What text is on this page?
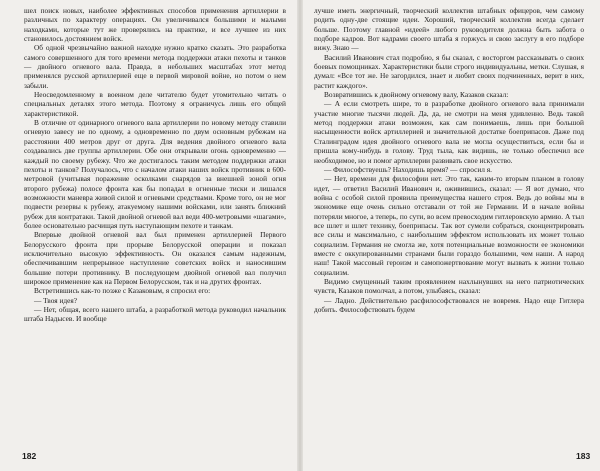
шел поиск новых, наиболее эффективных способов применения артиллерии в различных по характеру операциях. Он увеличивался большими и малыми находками, которые тут же проверялись на практике, и все лучшее из них становилось достоянием войск.

Об одной чрезвычайно важной находке нужно кратко сказать. Это разработка самого совершенного для того времени метода поддержки атаки пехоты и танков — двойного огневого вала. Правда, в небольших масштабах этот метод применялся русской артиллерией еще в первой мировой войне, но потом о нем забыли.

Неосведомленному в военном деле читателю будет утомительно читать о специальных деталях этого метода. Поэтому я ограничусь лишь его общей характеристикой.

В отличие от одинарного огневого вала артиллерии по новому методу ставили огневую завесу не по одному, а одновременно по двум основным рубежам на расстоянии 400 метров друг от друга. Для ведения двойного огневого вала создавались две группы артиллерии. Обе они открывали огонь одновременно — каждый по своему рубежу. Что же достигалось таким методом поддержки атаки пехоты и танков? Получалось, что с началом атаки наших войск противник в 600-метровой (учитывая поражение осколками снарядов за внешней зоной огня второго рубежа) полосе фронта как бы попадал в огненные тиски и лишался возможности маневра живой силой и огневыми средствами. Кроме того, он не мог подвести резервы к рубежу, атакуемому нашими войсками, или занять ближний рубеж для контратаки. Такой двойной огневой вал веди 400-метровыми «шагами», более основательно расчищая путь наступающим пехоте и танкам.

Впервые двойной огневой вал был применен артиллерией Первого Белорусского фронта при прорыве Белорусской операции и показал исключительно высокую эффективность. Он оказался самым надежным, обеспечивавшим непрерывное наступление советских войск и наносившим большие потери противнику. В последующем двойной огневой вал получил широкое применение как на Первом Белорусском, так и на других фронтах.

Встретившись как-то позже с Казаковым, я спросил его:

— Твоя идея?

— Нет, общая, всего нашего штаба, а разработкой метода руководил начальник штаба Надысев. И вообще

182

лучше иметь энергичный, творческий коллектив штабных офицеров, чем самому родить одну-две стоящие идеи. Хороший, творческий коллектив всегда сделает больше. Поэтому главной «идеей» любого руководителя должна быть забота о подборе кадров. Вот кадрами своего штаба я горжусь и свою заслугу в его подборе вижу. Знаю —

Василий Иванович стал подробно, я бы сказал, с восторгом рассказывать о своих боевых помощниках. Характеристики были строго индивидуальны, метки. Слушая, я думал: «Все тот же. Не загордился, знает и любит своих подчиненных, верит в них, растит каждого».

Возвратившись к двойному огневому валу, Казаков сказал:

— А если смотреть шире, то в разработке двойного огневого вала принимали участие многие тысячи людей. Да, да, не смотри на меня удивленно. Ведь такой метод поддержки атаки возможен, как сам понимаешь, лишь при большой насыщенности войск артиллерией и значительной достатке боеприпасов. Даже под Сталинградом идея двойного огневого вала не могла осуществиться, если бы и пришла кому-нибудь в голову. Труд тыла, как видишь, не только обеспечил все необходимое, но и помог артиллерии развивать свое искусство.

— Философствуешь? Находишь время? — спросил я.

— Нет, времени для философии нет. Это так, каким-то вторым планом в голову идет, — ответил Василий Иванович и, оживившись, сказал: — Я вот думаю, что война с особой силой проявила преимущества нашего строя. Ведь до войны мы в экономике еще очень сильно отставали от той же Германии. И в начале войны потеряли многое, а теперь, по сути, во всем превосходим гитлеровскую армию. А тыл все шлет и шлет технику, боеприпасы. Так вот сумели собраться, сконцентрировать все силы и максимально, с наибольшим эффектом использовать их может только социализм. Германия не смогла же, хотя потенциальные возможности ее экономики вместе с оккупированными странами были гораздо большими, чем наши. А народ наш! Такой массовый героизм и самопожертвование могут вызвать к жизни только социализм.

Видимо смущенный таким проявлением нахлынувших на него патриотических чувств, Казаков помолчал, а потом, улыбаясь, сказал:

— Ладно. Действительно расфилософствовался не вовремя. Надо еще Гитлера добить. Философствовать будем

183
